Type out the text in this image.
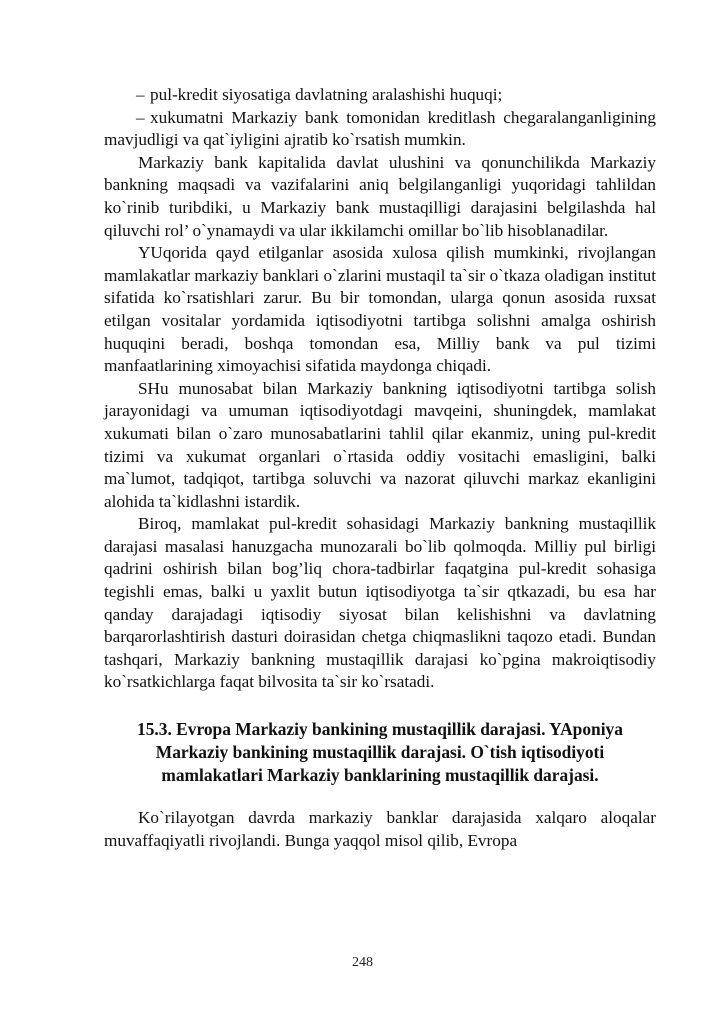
– pul-kredit siyosatiga davlatning aralashishi huquqi;

– xukumatni Markaziy bank tomonidan kreditlash chegaralanganligining mavjudligi va qat`iyligini ajratib ko`rsatish mumkin.

Markaziy bank kapitalida davlat ulushini va qonunchilikda Markaziy bankning maqsadi va vazifalarini aniq belgilanganligi yuqoridagi tahlildan ko`rinib turibdiki, u Markaziy bank mustaqilligi darajasini belgilashda hal qiluvchi rol’ o`ynamaydi va ular ikkilamchi omillar bo`lib hisoblanadilar.

YUqorida qayd etilganlar asosida xulosa qilish mumkinki, rivojlangan mamlakatlar markaziy banklari o`zlarini mustaqil ta`sir o`tkaza oladigan institut sifatida ko`rsatishlari zarur. Bu bir tomondan, ularga qonun asosida ruxsat etilgan vositalar yordamida iqtisodiyotni tartibga solishni amalga oshirish huquqini beradi, boshqa tomondan esa, Milliy bank va pul tizimi manfaatlarining ximoyachisi sifatida maydonga chiqadi.

SHu munosabat bilan Markaziy bankning iqtisodiyotni tartibga solish jarayonidagi va umuman iqtisodiyotdagi mavqeini, shuningdek, mamlakat xukumati bilan o`zaro munosabatlarini tahlil qilar ekanmiz, uning pul-kredit tizimi va xukumat organlari o`rtasida oddiy vositachi emasligini, balki ma`lumot, tadqiqot, tartibga soluvchi va nazorat qiluvchi markaz ekanligini alohida ta`kidlashni istardik.

Biroq, mamlakat pul-kredit sohasidagi Markaziy bankning mustaqillik darajasi masalasi hanuzgacha munozarali bo`lib qolmoqda. Milliy pul birligi qadrini oshirish bilan bog’liq chora-tadbirlar faqatgina pul-kredit sohasiga tegishli emas, balki u yaxlit butun iqtisodiyotga ta`sir qtkazadi, bu esa har qanday darajadagi iqtisodiy siyosat bilan kelishishni va davlatning barqarorlashtirish dasturi doirasidan chetga chiqmaslikni taqozo etadi. Bundan tashqari, Markaziy bankning mustaqillik darajasi ko`pgina makroiqtisodiy ko`rsatkichlarga faqat bilvosita ta`sir ko`rsatadi.

15.3. Evropa Markaziy bankining mustaqillik darajasi. YAponiya
Markaziy bankining mustaqillik darajasi. O`tish iqtisodiyoti
mamlakatlari Markaziy banklarining mustaqillik darajasi.

Ko`rilayotgan davrda markaziy banklar darajasida xalqaro aloqalar muvaffaqiyatli rivojlandi. Bunga yaqqol misol qilib, Evropa

248
